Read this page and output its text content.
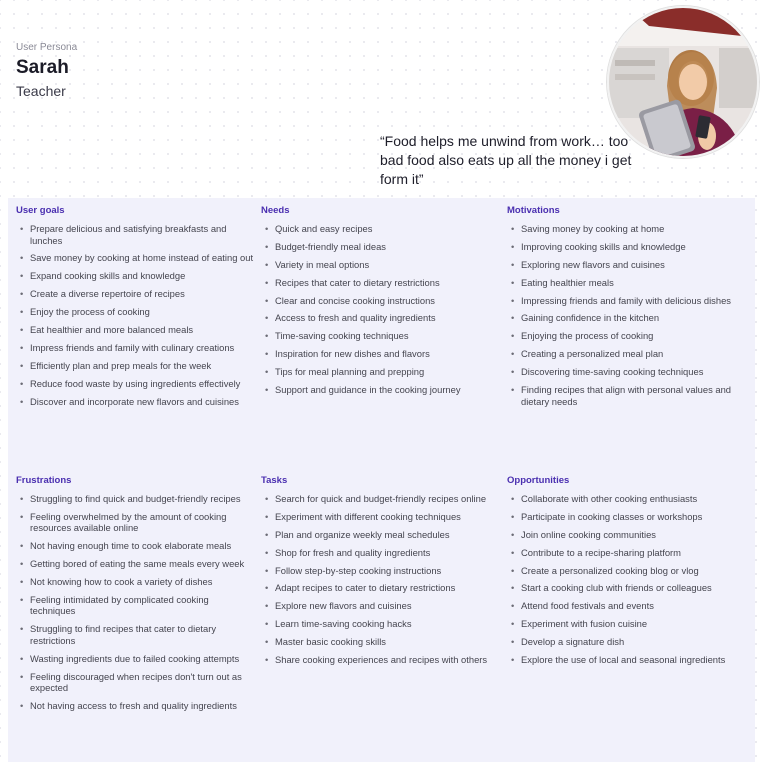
User Persona
Sarah
Teacher
“Food helps me unwind from work… too bad food also eats up all the money i get form it”
User goals
• Prepare delicious and satisfying breakfasts and lunches
• Save money by cooking at home instead of eating out
• Expand cooking skills and knowledge
• Create a diverse repertoire of recipes
• Enjoy the process of cooking
• Eat healthier and more balanced meals
• Impress friends and family with culinary creations
• Efficiently plan and prep meals for the week
• Reduce food waste by using ingredients effectively
• Discover and incorporate new flavors and cuisines
Needs
• Quick and easy recipes
• Budget-friendly meal ideas
• Variety in meal options
• Recipes that cater to dietary restrictions
• Clear and concise cooking instructions
• Access to fresh and quality ingredients
• Time-saving cooking techniques
• Inspiration for new dishes and flavors
• Tips for meal planning and prepping
• Support and guidance in the cooking journey
Motivations
• Saving money by cooking at home
• Improving cooking skills and knowledge
• Exploring new flavors and cuisines
• Eating healthier meals
• Impressing friends and family with delicious dishes
• Gaining confidence in the kitchen
• Enjoying the process of cooking
• Creating a personalized meal plan
• Discovering time-saving cooking techniques
• Finding recipes that align with personal values and dietary needs
Frustrations
• Struggling to find quick and budget-friendly recipes
• Feeling overwhelmed by the amount of cooking resources available online
• Not having enough time to cook elaborate meals
• Getting bored of eating the same meals every week
• Not knowing how to cook a variety of dishes
• Feeling intimidated by complicated cooking techniques
• Struggling to find recipes that cater to dietary restrictions
• Wasting ingredients due to failed cooking attempts
• Feeling discouraged when recipes don't turn out as expected
• Not having access to fresh and quality ingredients
Tasks
• Search for quick and budget-friendly recipes online
• Experiment with different cooking techniques
• Plan and organize weekly meal schedules
• Shop for fresh and quality ingredients
• Follow step-by-step cooking instructions
• Adapt recipes to cater to dietary restrictions
• Explore new flavors and cuisines
• Learn time-saving cooking hacks
• Master basic cooking skills
• Share cooking experiences and recipes with others
Opportunities
• Collaborate with other cooking enthusiasts
• Participate in cooking classes or workshops
• Join online cooking communities
• Contribute to a recipe-sharing platform
• Create a personalized cooking blog or vlog
• Start a cooking club with friends or colleagues
• Attend food festivals and events
• Experiment with fusion cuisine
• Develop a signature dish
• Explore the use of local and seasonal ingredients
